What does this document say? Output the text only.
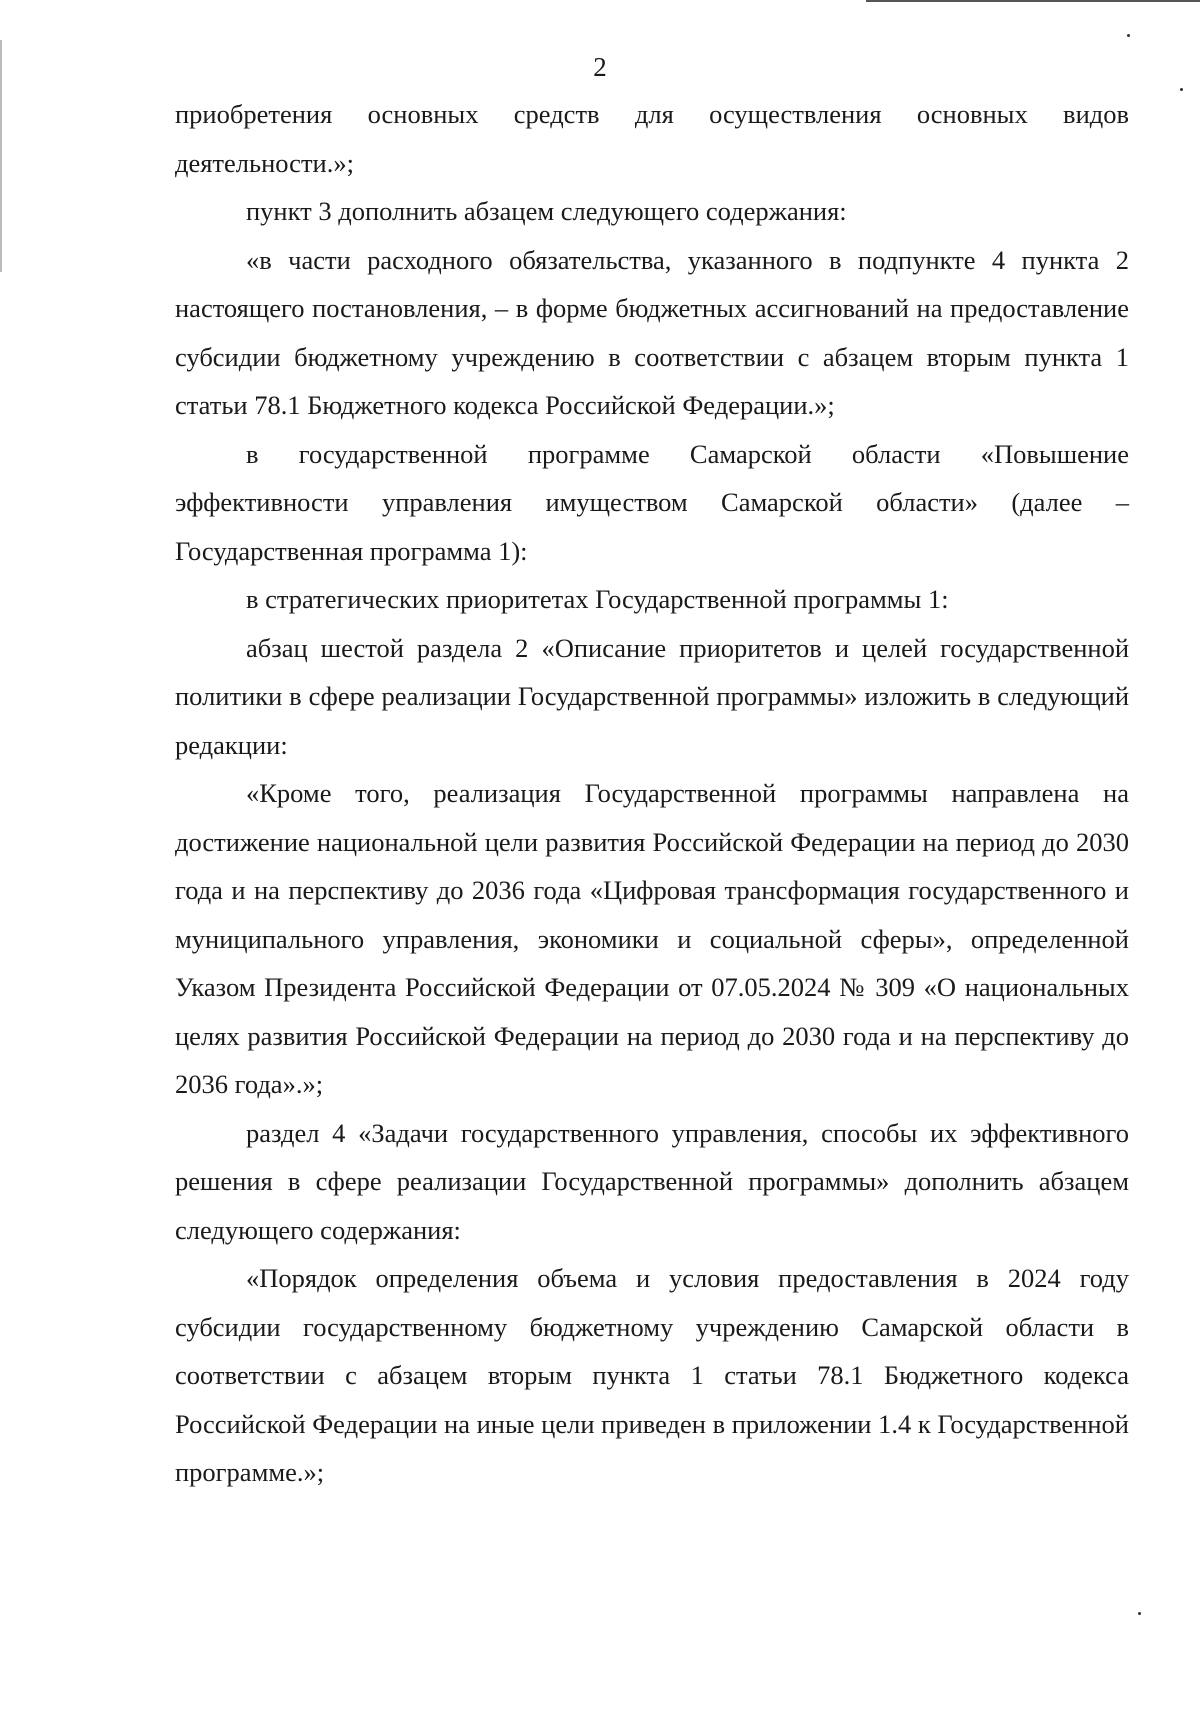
2

приобретения основных средств для осуществления основных видов деятельности.»;

пункт 3 дополнить абзацем следующего содержания:

«в части расходного обязательства, указанного в подпункте 4 пункта 2 настоящего постановления, – в форме бюджетных ассигнований на предоставление субсидии бюджетному учреждению в соответствии с абзацем вторым пункта 1 статьи 78.1 Бюджетного кодекса Российской Федерации.»;

в государственной программе Самарской области «Повышение эффективности управления имуществом Самарской области» (далее – Государственная программа 1):

в стратегических приоритетах Государственной программы 1:

абзац шестой раздела 2 «Описание приоритетов и целей государственной политики в сфере реализации Государственной программы» изложить в следующий редакции:

«Кроме того, реализация Государственной программы направлена на достижение национальной цели развития Российской Федерации на период до 2030 года и на перспективу до 2036 года «Цифровая трансформация государственного и муниципального управления, экономики и социальной сферы», определенной Указом Президента Российской Федерации от 07.05.2024 № 309 «О национальных целях развития Российской Федерации на период до 2030 года и на перспективу до 2036 года».»;

раздел 4 «Задачи государственного управления, способы их эффективного решения в сфере реализации Государственной программы» дополнить абзацем следующего содержания:

«Порядок определения объема и условия предоставления в 2024 году субсидии государственному бюджетному учреждению Самарской области в соответствии с абзацем вторым пункта 1 статьи 78.1 Бюджетного кодекса Российской Федерации на иные цели приведен в приложении 1.4 к Государственной программе.»;
